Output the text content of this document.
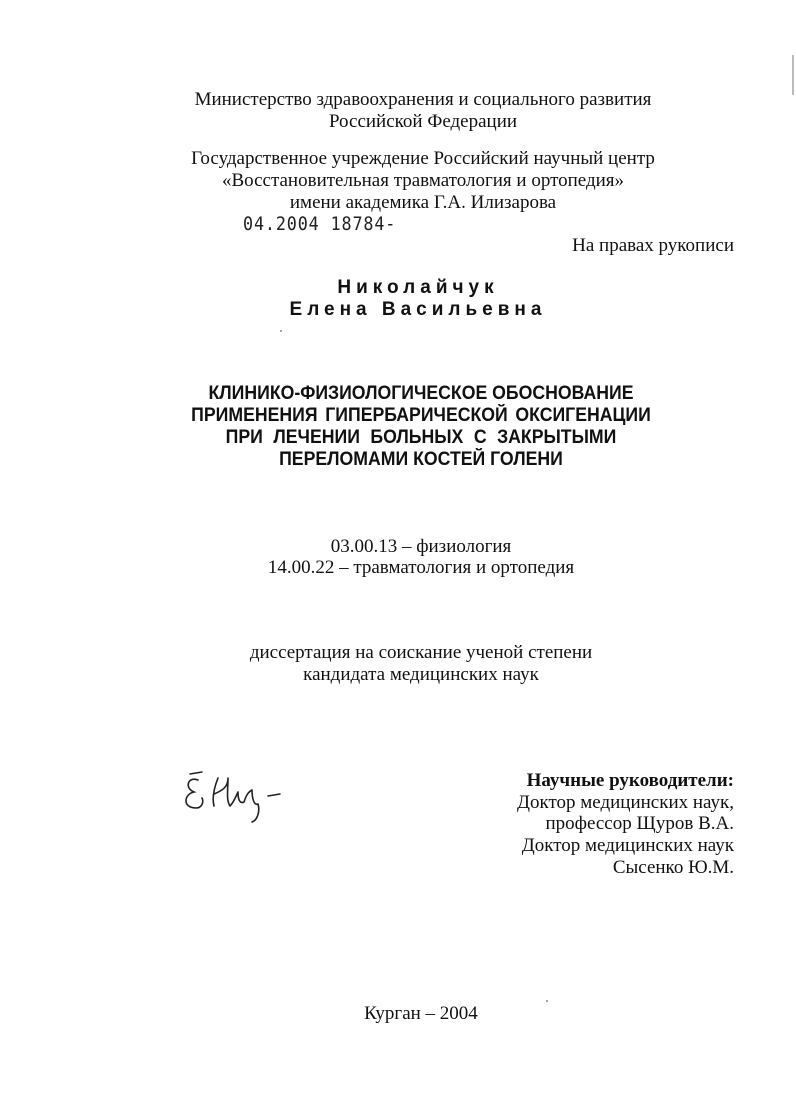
Министерство здравоохранения и социального развития
Российской Федерации
Государственное учреждение Российский научный центр
«Восстановительная травматология и ортопедия»
имени академика Г.А. Илизарова
04.2004 18784-
На правах рукописи
Николайчук
Елена Васильевна
КЛИНИКО-ФИЗИОЛОГИЧЕСКОЕ ОБОСНОВАНИЕ
ПРИМЕНЕНИЯ ГИПЕРБАРИЧЕСКОЙ ОКСИГЕНАЦИИ
ПРИ ЛЕЧЕНИИ БОЛЬНЫХ С ЗАКРЫТЫМИ
ПЕРЕЛОМАМИ КОСТЕЙ ГОЛЕНИ
03.00.13 – физиология
14.00.22 – травматология и ортопедия
диссертация на соискание ученой степени
кандидата медицинских наук
Научные руководители:
Доктор медицинских наук,
профессор Щуров В.А.
Доктор медицинских наук
Сысенко Ю.М.
Курган – 2004
